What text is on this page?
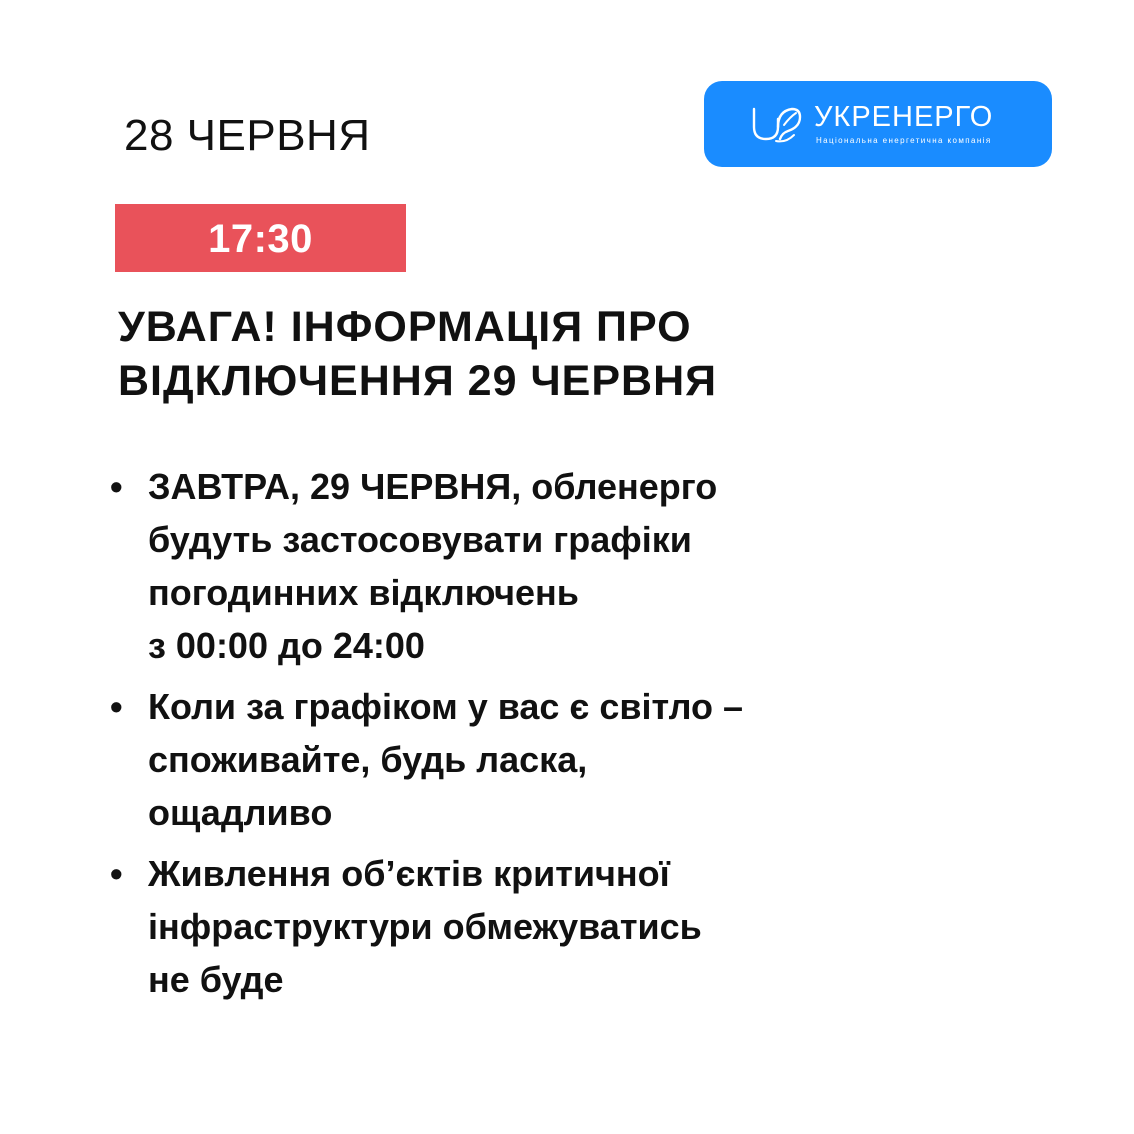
28 ЧЕРВНЯ	УКРЕНЕРГО
Національна енергетична компанія
17:30
УВАГА! ІНФОРМАЦІЯ ПРО
ВІДКЛЮЧЕННЯ 29 ЧЕРВНЯ
• ЗАВТРА, 29 ЧЕРВНЯ, обленерго
будуть застосовувати графіки
погодинних відключень
з 00:00 до 24:00
• Коли за графіком у вас є світло –
споживайте, будь ласка,
ощадливо
• Живлення об’єктів критичної
інфраструктури обмежуватись
не буде
